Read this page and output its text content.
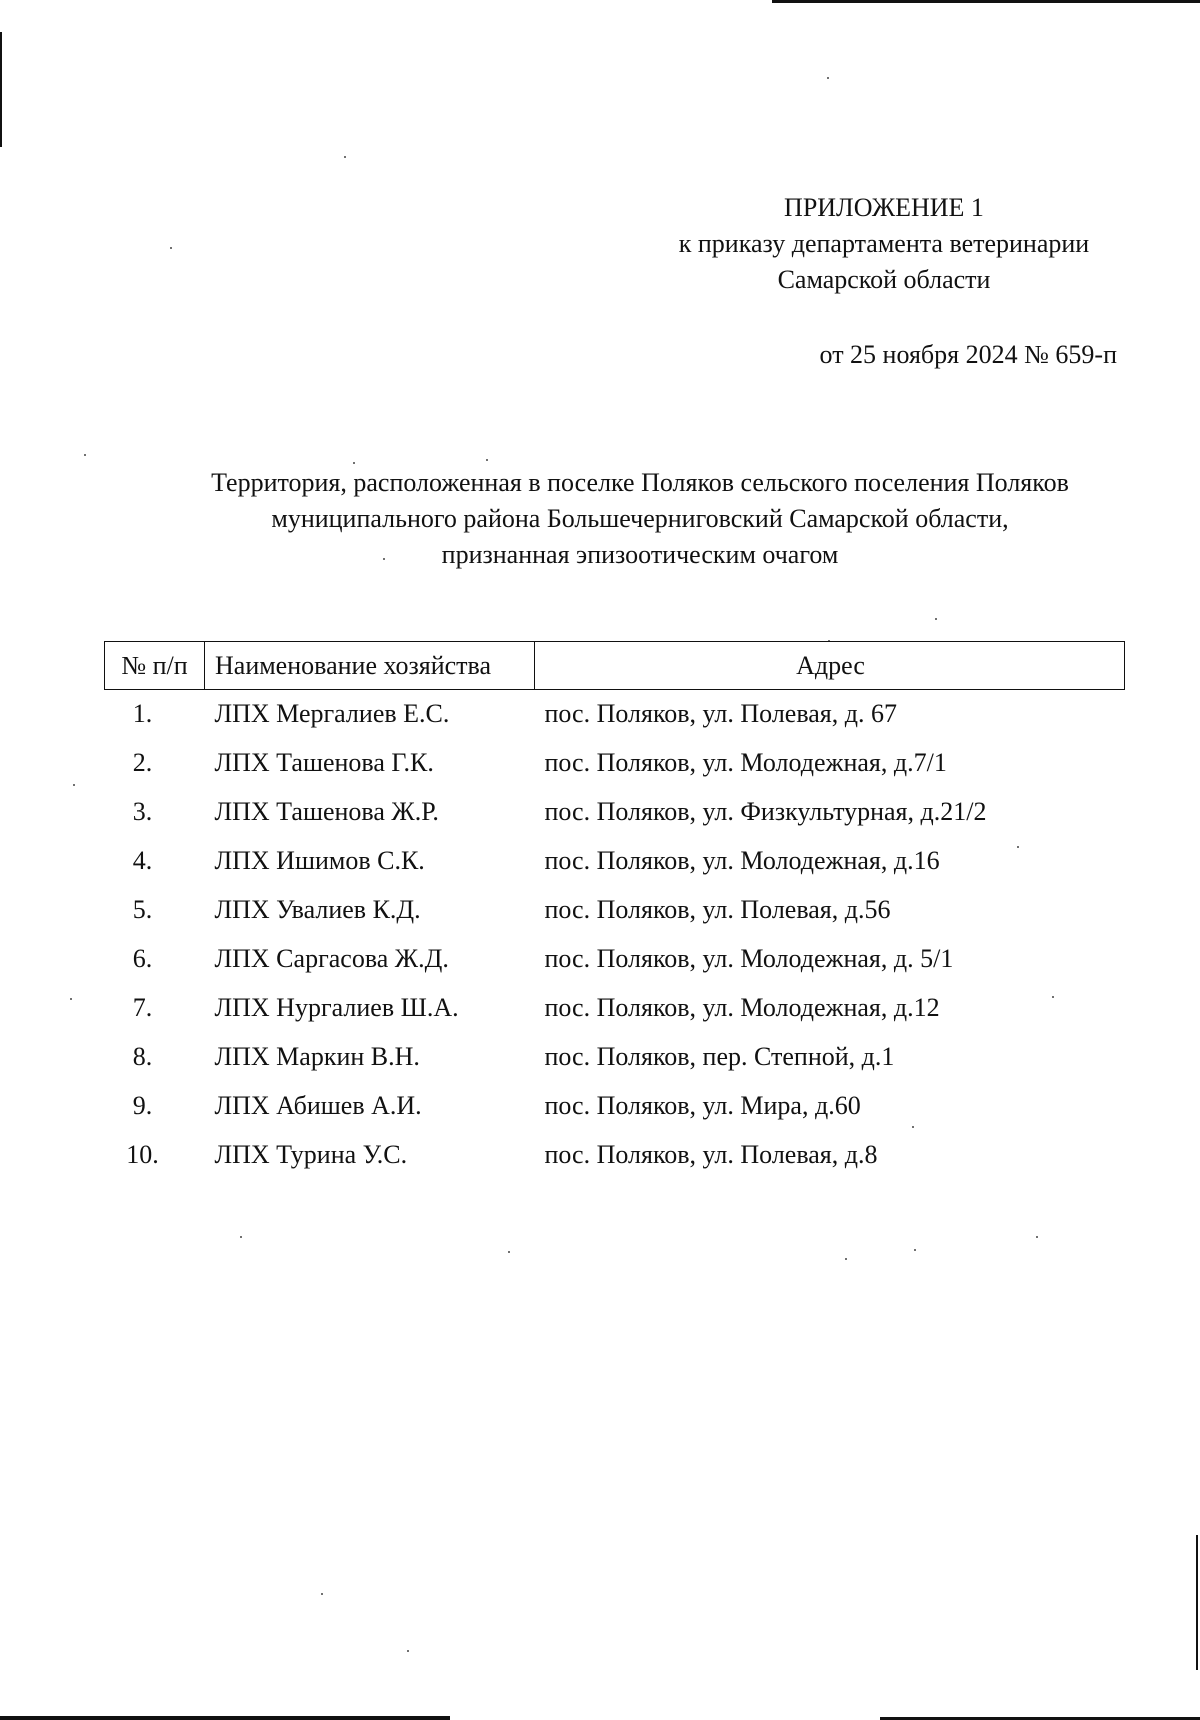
ПРИЛОЖЕНИЕ 1
к приказу департамента ветеринарии
Самарской области
от 25 ноября 2024 № 659-п
Территория, расположенная в поселке Поляков сельского поселения Поляков
муниципального района Большечерниговский Самарской области,
признанная эпизоотическим очагом
№ п/п	Наименование хозяйства	Адрес
1.	ЛПХ Мергалиев Е.С.	пос. Поляков, ул. Полевая, д. 67
2.	ЛПХ Ташенова Г.К.	пос. Поляков, ул. Молодежная, д.7/1
3.	ЛПХ Ташенова Ж.Р.	пос. Поляков, ул. Физкультурная, д.21/2
4.	ЛПХ Ишимов С.К.	пос. Поляков, ул. Молодежная, д.16
5.	ЛПХ Увалиев К.Д.	пос. Поляков, ул. Полевая, д.56
6.	ЛПХ Саргасова Ж.Д.	пос. Поляков, ул. Молодежная, д. 5/1
7.	ЛПХ Нургалиев Ш.А.	пос. Поляков, ул. Молодежная, д.12
8.	ЛПХ Маркин В.Н.	пос. Поляков, пер. Степной, д.1
9.	ЛПХ Абишев А.И.	пос. Поляков, ул. Мира, д.60
10.	ЛПХ Турина У.С.	пос. Поляков, ул. Полевая, д.8
